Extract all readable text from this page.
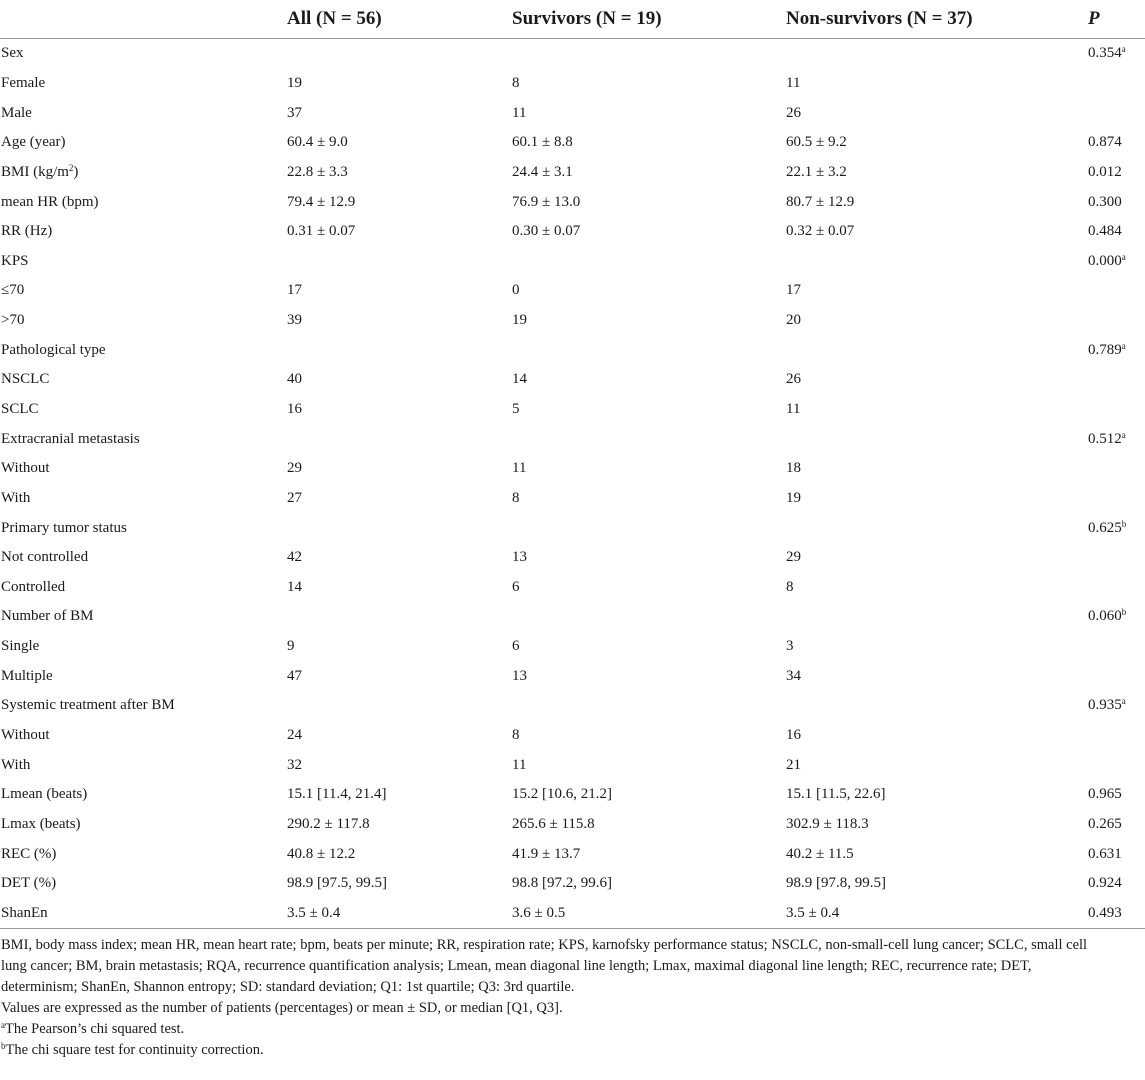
	All (N = 56)	Survivors (N = 19)	Non-survivors (N = 37)	P
Sex				0.354$^a$
Female	19	8	11	
Male	37	11	26	
Age (year)	60.4 ± 9.0	60.1 ± 8.8	60.5 ± 9.2	0.874
BMI $(kg/m^2)$	22.8 ± 3.3	24.4 ± 3.1	22.1 ± 3.2	0.012
mean HR (bpm)	79.4 ± 12.9	76.9 ± 13.0	80.7 ± 12.9	0.300
RR (Hz)	0.31 ± 0.07	0.30 ± 0.07	0.32 ± 0.07	0.484
KPS				0.000$^a$
≤70	17	0	17	
>70	39	19	20	
Pathological type				0.789$^a$
NSCLC	40	14	26	
SCLC	16	5	11	
Extracranial metastasis				0.512$^a$
Without	29	11	18	
With	27	8	19	
Primary tumor status				0.625$^b$
Not controlled	42	13	29	
Controlled	14	6	8	
Number of BM				0.060$^b$
Single	9	6	3	
Multiple	47	13	34	
Systemic treatment after BM				0.935$^a$
Without	24	8	16	
With	32	11	21	
Lmean (beats)	15.1 [11.4, 21.4]	15.2 [10.6, 21.2]	15.1 [11.5, 22.6]	0.965
Lmax (beats)	290.2 ± 117.8	265.6 ± 115.8	302.9 ± 118.3	0.265
REC (%)	40.8 ± 12.2	41.9 ± 13.7	40.2 ± 11.5	0.631
DET (%)	98.9 [97.5, 99.5]	98.8 [97.2, 99.6]	98.9 [97.8, 99.5]	0.924
ShanEn	3.5 ± 0.4	3.6 ± 0.5	3.5 ± 0.4	0.493

BMI, body mass index; mean HR, mean heart rate; bpm, beats per minute; RR, respiration rate; KPS, karnofsky performance status; NSCLC, non-small-cell lung cancer; SCLC, small cell

lung cancer; BM, brain metastasis; RQA, recurrence quantification analysis; Lmean, mean diagonal line length; Lmax, maximal diagonal line length; REC, recurrence rate; DET,

determinism; ShanEn, Shannon entropy; SD: standard deviation; Q1: 1st quartile; Q3: 3rd quartile.

Values are expressed as the number of patients (percentages) or mean ± SD, or median [Q1, Q3].

$^a$The Pearson’s chi squared test.

$^b$The chi square test for continuity correction.
